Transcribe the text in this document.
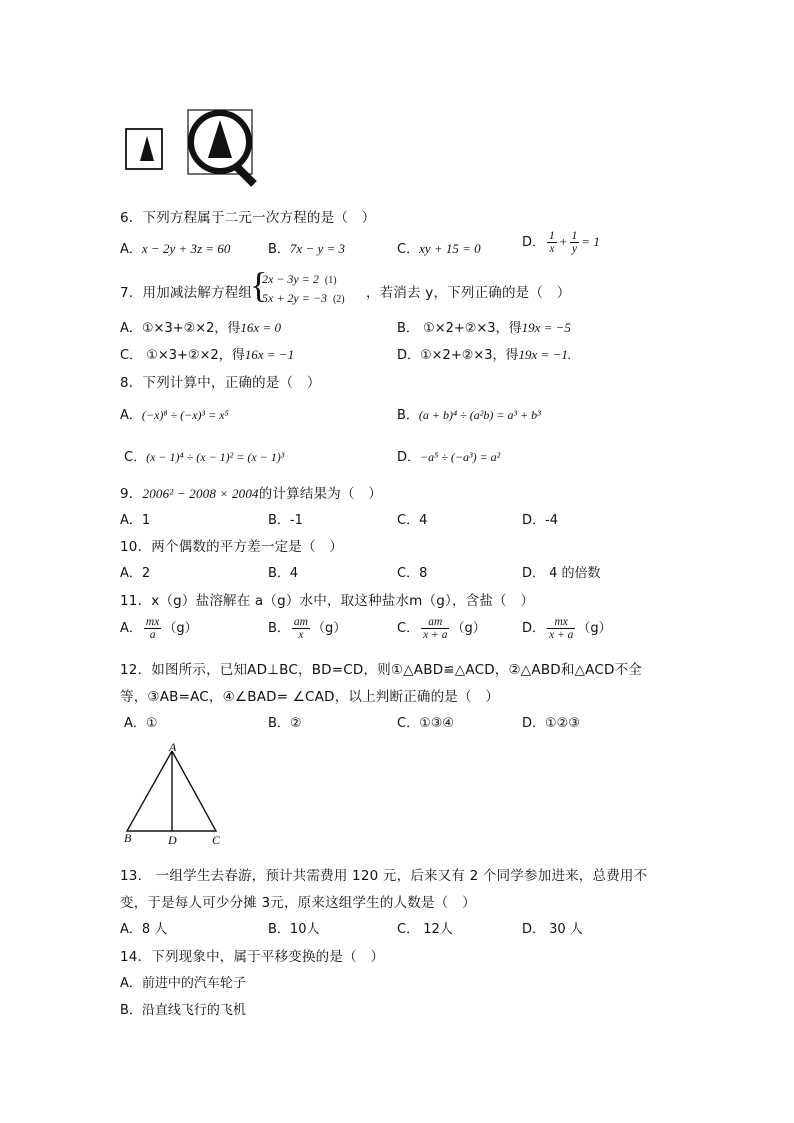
6．下列方程属于二元一次方程的是（　）
A．x − 2y + 3z = 60	B．7x − y = 3	C．xy + 15 = 0	D． $\frac{1}{x} + \frac{1}{y} = 1$
7．用加减法解方程组
{
2x − 3y = 2 (1)
5x + 2y = −3 (2) ，若消去 y，下列正确的是（　）
A．①×3+②×2，得16x = 0	B． ①×2+②×3，得19x = −5
C． ①×3+②×2，得16x = −1	D．①×2+②×3，得19x = −1.
8．下列计算中，正确的是（　）
A．(−x)⁸ ÷ (−x)³ = x⁵	B．(a + b)⁴ ÷ (a²b) = a³ + b³
C．(x − 1)⁴ ÷ (x − 1)² = (x − 1)³	D．−a⁵ ÷ (−a³) = a²
9．2006² − 2008 × 2004的计算结果为（　）
A．1	B．-1	C．4	D．-4
10．两个偶数的平方差一定是（　）
A．2	B．4	C．8	D． 4 的倍数
11．x（g）盐溶解在 a（g）水中，取这种盐水m（g），含盐（　）
A． $\frac{mx}{a} (g)$	B． $\frac{am}{x} (g)$	C． $\frac{am}{x + a} (g)$	D． $\frac{mx}{x + a} (g)$
12．如图所示，已知AD⊥BC，BD=CD，则①△ABD≌△ACD，②△ABD和△ACD不全
等，③AB=AC，④∠BAD= ∠CAD，以上判断正确的是（　）
A．①	B．②	C．①③④	D．①②③
A
B	D	C
13． 一组学生去春游，预计共需费用 120 元，后来又有 2 个同学参加进来，总费用不
变，于是每人可少分摊 3元，原来这组学生的人数是（　）
A．8 人	B．10人	C． 12人	D． 30 人
14．下列现象中，属于平移变换的是（　）
A．前进中的汽车轮子
B．沿直线飞行的飞机
